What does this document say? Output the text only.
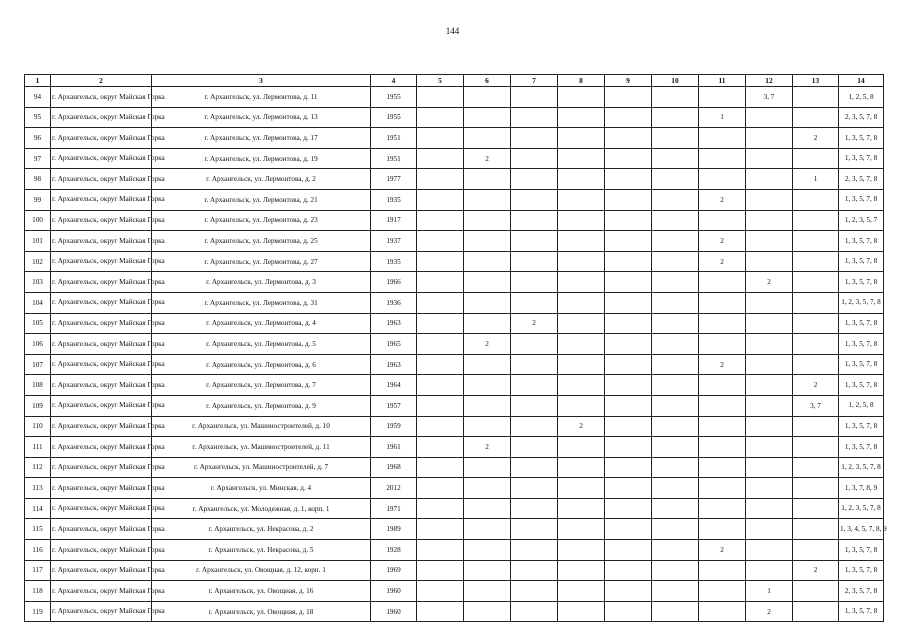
144
1	2	3	4	5	6	7	8	9	10	11	12	13	14
94	г. Архангельск, округ Майская Горка	г. Архангельск, ул. Лермонтова, д. 11	1955								3, 7		1, 2, 5, 8
95	г. Архангельск, округ Майская Горка	г. Архангельск, ул. Лермонтова, д. 13	1955							1			2, 3, 5, 7, 8
96	г. Архангельск, округ Майская Горка	г. Архангельск, ул. Лермонтова, д. 17	1951									2	1, 3, 5, 7, 8
97	г. Архангельск, округ Майская Горка	г. Архангельск, ул. Лермонтова, д. 19	1951		2								1, 3, 5, 7, 8
98	г. Архангельск, округ Майская Горка	г. Архангельск, ул. Лермонтова, д. 2	1977									1	2, 3, 5, 7, 8
99	г. Архангельск, округ Майская Горка	г. Архангельск, ул. Лермонтова, д. 21	1935							2			1, 3, 5, 7, 8
100	г. Архангельск, округ Майская Горка	г. Архангельск, ул. Лермонтова, д. 23	1917										1, 2, 3, 5, 7
101	г. Архангельск, округ Майская Горка	г. Архангельск, ул. Лермонтова, д. 25	1937							2			1, 3, 5, 7, 8
102	г. Архангельск, округ Майская Горка	г. Архангельск, ул. Лермонтова, д. 27	1935							2			1, 3, 5, 7, 8
103	г. Архангельск, округ Майская Горка	г. Архангельск, ул. Лермонтова, д. 3	1966								2		1, 3, 5, 7, 8
104	г. Архангельск, округ Майская Горка	г. Архангельск, ул. Лермонтова, д. 31	1936										1, 2, 3, 5, 7, 8
105	г. Архангельск, округ Майская Горка	г. Архангельск, ул. Лермонтова, д. 4	1963			2							1, 3, 5, 7, 8
106	г. Архангельск, округ Майская Горка	г. Архангельск, ул. Лермонтова, д. 5	1965		2								1, 3, 5, 7, 8
107	г. Архангельск, округ Майская Горка	г. Архангельск, ул. Лермонтова, д. 6	1963							2			1, 3, 5, 7, 8
108	г. Архангельск, округ Майская Горка	г. Архангельск, ул. Лермонтова, д. 7	1964									2	1, 3, 5, 7, 8
109	г. Архангельск, округ Майская Горка	г. Архангельск, ул. Лермонтова, д. 9	1957									3, 7	1, 2, 5, 8
110	г. Архангельск, округ Майская Горка	г. Архангельск, ул. Машиностроителей, д. 10	1959				2						1, 3, 5, 7, 8
111	г. Архангельск, округ Майская Горка	г. Архангельск, ул. Машиностроителей, д. 11	1961		2								1, 3, 5, 7, 8
112	г. Архангельск, округ Майская Горка	г. Архангельск, ул. Машиностроителей, д. 7	1968										1, 2, 3, 5, 7, 8
113	г. Архангельск, округ Майская Горка	г. Архангельск, ул. Минская, д. 4	2012										1, 3, 7, 8, 9
114	г. Архангельск, округ Майская Горка	г. Архангельск, ул. Молодежная, д. 1, корп. 1	1971										1, 2, 3, 5, 7, 8
115	г. Архангельск, округ Майская Горка	г. Архангельск, ул. Некрасова, д. 2	1989										1, 3, 4, 5, 7, 8, 9
116	г. Архангельск, округ Майская Горка	г. Архангельск, ул. Некрасова, д. 5	1928							2			1, 3, 5, 7, 8
117	г. Архангельск, округ Майская Горка	г. Архангельск, ул. Овощная, д. 12, корп. 1	1969									2	1, 3, 5, 7, 8
118	г. Архангельск, округ Майская Горка	г. Архангельск, ул. Овощная, д. 16	1960								1		2, 3, 5, 7, 8
119	г. Архангельск, округ Майская Горка	г. Архангельск, ул. Овощная, д. 18	1960								2		1, 3, 5, 7, 8
